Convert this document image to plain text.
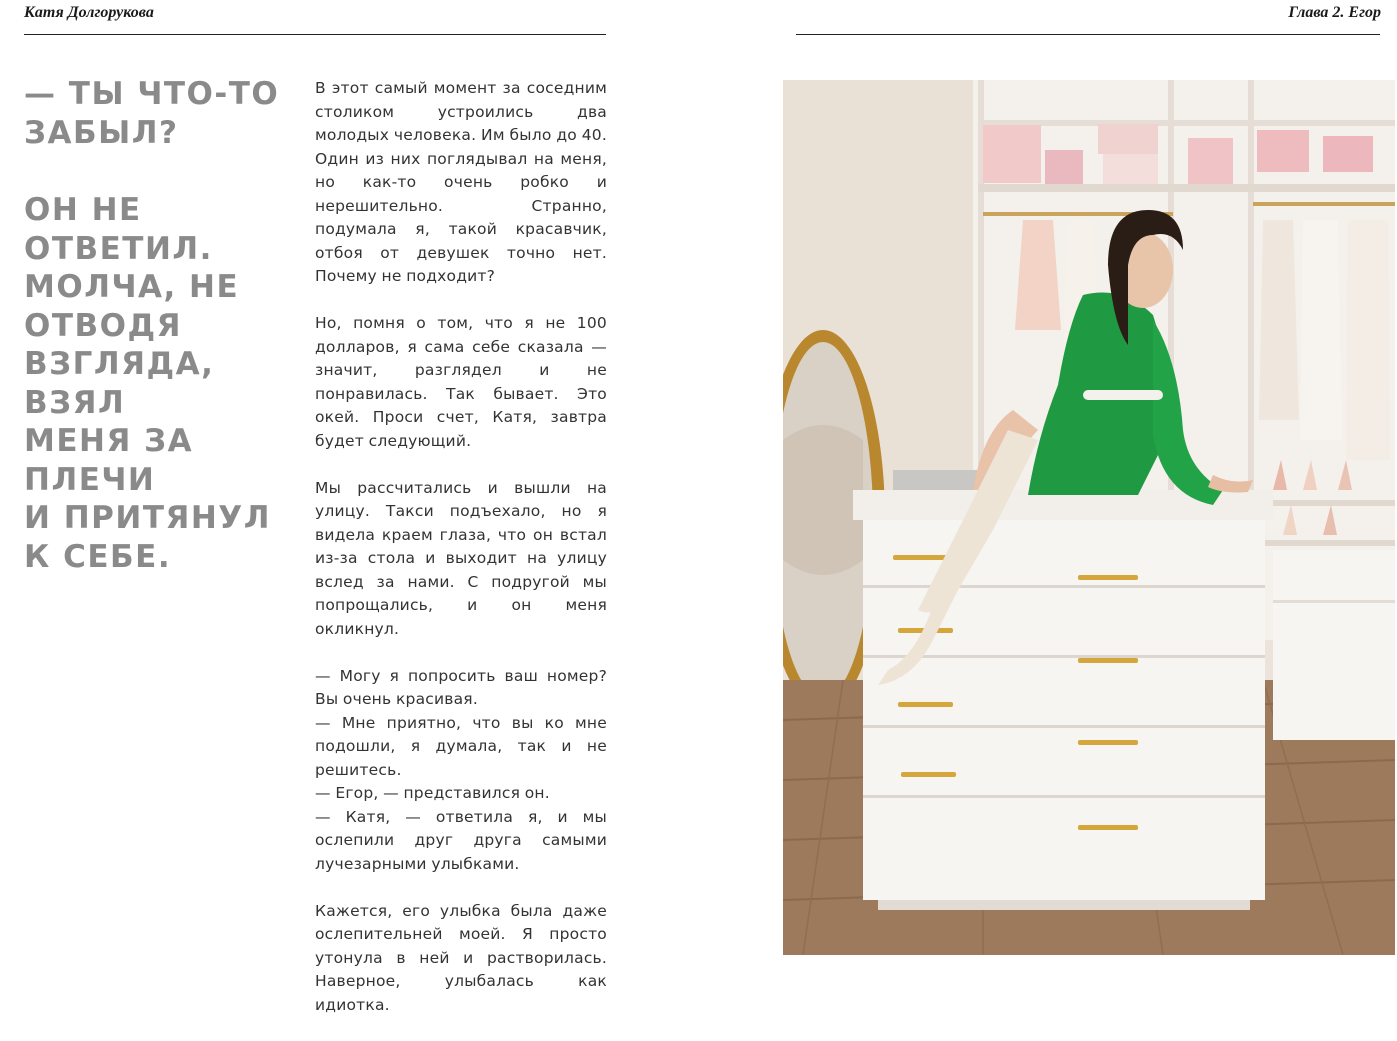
Катя Долгорукова	Глава 2. Егор

— ТЫ ЧТО-ТО
ЗАБЫЛ?

ОН НЕ ОТВЕТИЛ.
МОЛЧА, НЕ
ОТВОДЯ
ВЗГЛЯДА, ВЗЯЛ
МЕНЯ ЗА ПЛЕЧИ
И ПРИТЯНУЛ
К СЕБЕ.

В этот самый момент за соседним столиком устроились два молодых человека. Им было до 40. Один из них поглядывал на меня, но как-то очень робко и нерешительно. Странно, подумала я, такой красавчик, отбоя от девушек точно нет. Почему не подходит?

Но, помня о том, что я не 100 долларов, я сама себе сказала — значит, разглядел и не понравилась. Так бывает. Это окей. Проси счет, Катя, завтра будет следующий.

Мы рассчитались и вышли на улицу. Такси подъехало, но я видела краем глаза, что он встал из-за стола и выходит на улицу вслед за нами. С подругой мы попрощались, и он меня окликнул.

— Могу я попросить ваш номер? Вы очень красивая.
— Мне приятно, что вы ко мне подошли, я думала, так и не решитесь.
— Егор, — представился он.
— Катя, — ответила я, и мы ослепили друг друга самыми лучезарными улыбками.

Кажется, его улыбка была даже ослепительней моей. Я просто утонула в ней и растворилась. Наверное, улыбалась как идиотка.
